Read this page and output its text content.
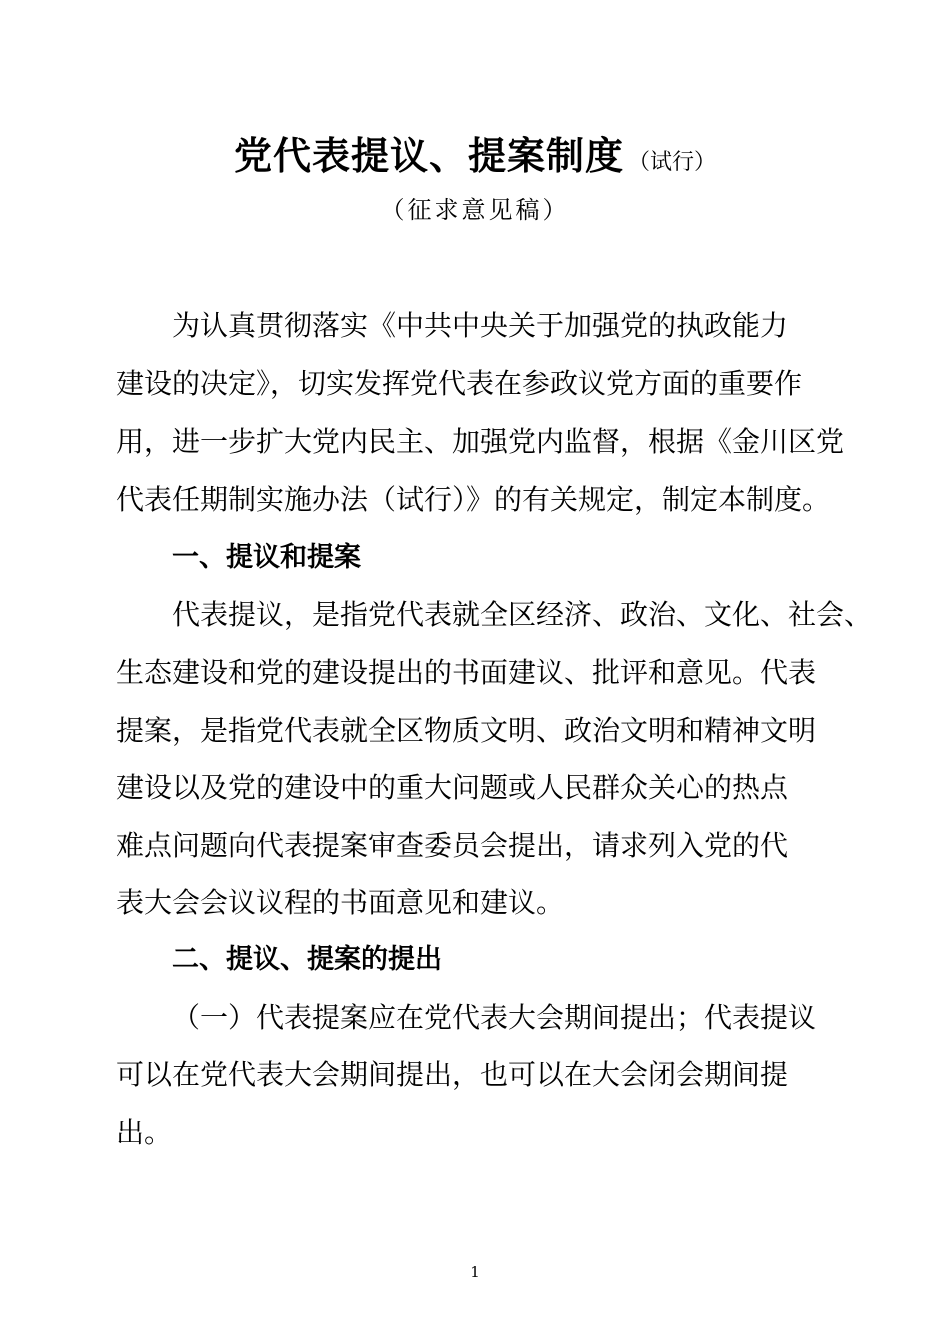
党代表提议、提案制度 （试行）
（征求意见稿）
为认真贯彻落实《中共中央关于加强党的执政能力
建设的决定》，切实发挥党代表在参政议党方面的重要作
用，进一步扩大党内民主、加强党内监督，根据《金川区党
代表任期制实施办法（试行）》的有关规定，制定本制度。
一、提议和提案
代表提议，是指党代表就全区经济、政治、文化、社会、
生态建设和党的建设提出的书面建议、批评和意见。代表
提案，是指党代表就全区物质文明、政治文明和精神文明
建设以及党的建设中的重大问题或人民群众关心的热点
难点问题向代表提案审查委员会提出，请求列入党的代
表大会会议议程的书面意见和建议。
二、提议、提案的提出
（一）代表提案应在党代表大会期间提出；代表提议
可以在党代表大会期间提出，也可以在大会闭会期间提
出。
1
